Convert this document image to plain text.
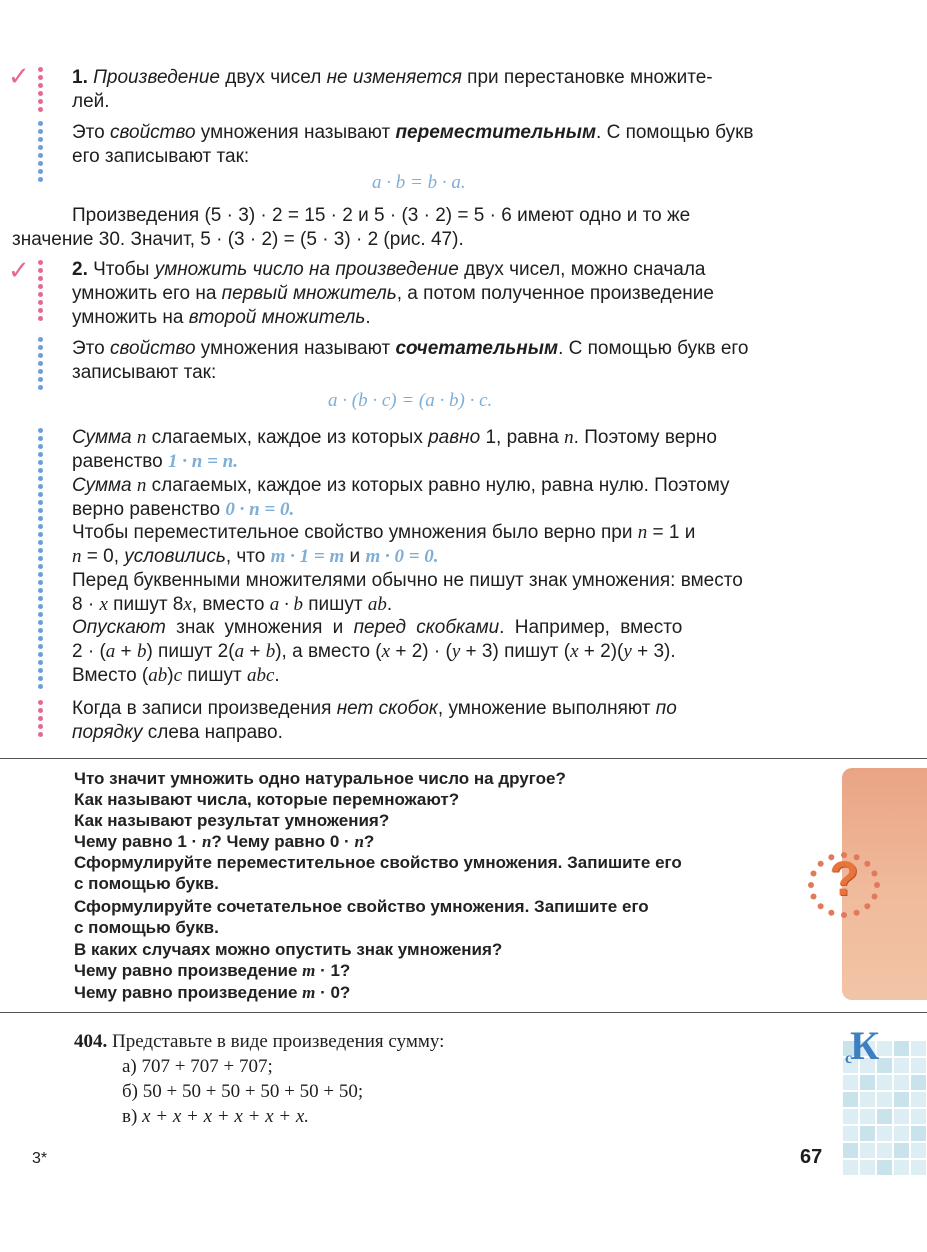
✓
✓
1. Произведение двух чисел не изменяется при перестановке множите-
лей.
Это свойство умножения называют переместительным. С помощью букв
его записывают так:
a · b = b · a.
Произведения (5 · 3) · 2 = 15 · 2 и 5 · (3 · 2) = 5 · 6 имеют одно и то же
значение 30. Значит, 5 · (3 · 2) = (5 · 3) · 2 (рис. 47).
2. Чтобы умножить число на произведение двух чисел, можно сначала
умножить его на первый множитель, а потом полученное произведение
умножить на второй множитель.
Это свойство умножения называют сочетательным. С помощью букв его
записывают так:
a · (b · c) = (a · b) · c.
Сумма n слагаемых, каждое из которых равно 1, равна n. Поэтому верно
равенство 1 · n = n.
Сумма n слагаемых, каждое из которых равно нулю, равна нулю. Поэтому
верно равенство 0 · n = 0.
Чтобы переместительное свойство умножения было верно при n = 1 и
n = 0, условились, что m · 1 = m и m · 0 = 0.
Перед буквенными множителями обычно не пишут знак умножения: вместо
8 · x пишут 8x, вместо a · b пишут ab.
Опускают знак умножения и перед скобками. Например, вместо
2 · (a + b) пишут 2(a + b), а вместо (x + 2) · (y + 3) пишут (x + 2)(y + 3).
Вместо (ab)c пишут abc.
Когда в записи произведения нет скобок, умножение выполняют по
порядку слева направо.
?
Что значит умножить одно натуральное число на другое?
Как называют числа, которые перемножают?
Как называют результат умножения?
Чему равно 1 · n? Чему равно 0 · n?
Сформулируйте переместительное свойство умножения. Запишите его
с помощью букв.
Сформулируйте сочетательное свойство умножения. Запишите его
с помощью букв.
В каких случаях можно опустить знак умножения?
Чему равно произведение m · 1?
Чему равно произведение m · 0?
сК
404. Представьте в виде произведения сумму:
а) 707 + 707 + 707;
б) 50 + 50 + 50 + 50 + 50 + 50;
в) x + x + x + x + x + x.
3*	67
